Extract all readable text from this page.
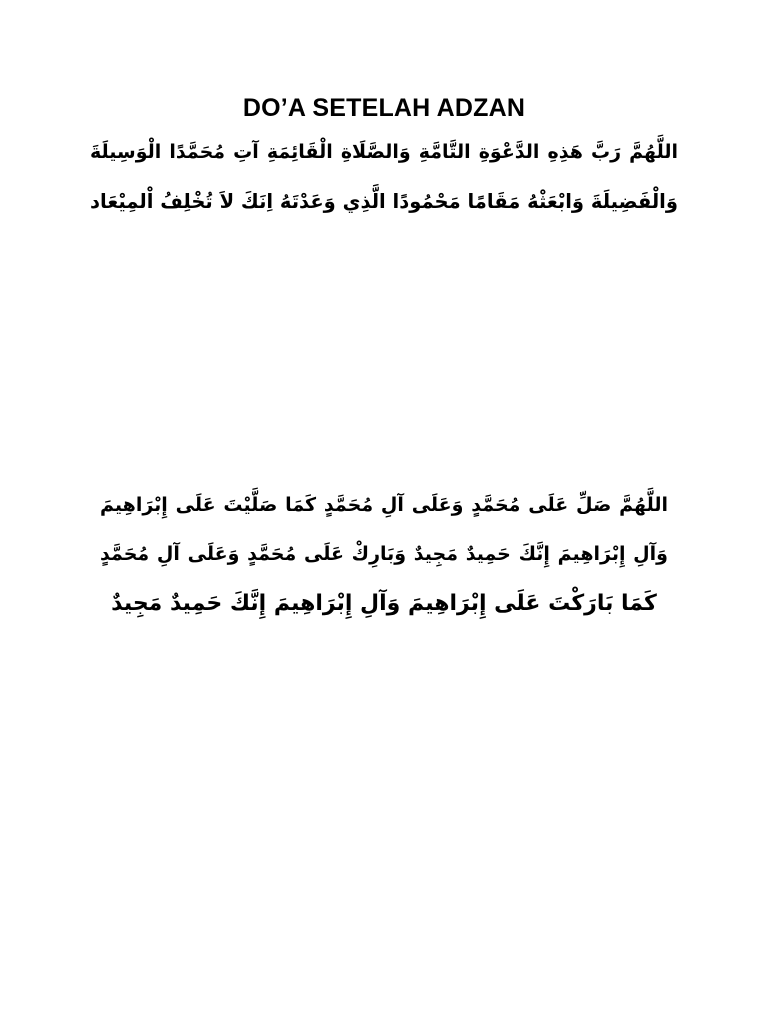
DO’A SETELAH ADZAN
اللَّهُمَّ رَبَّ هَذِهِ الدَّعْوَةِ التَّامَّةِ وَالصَّلَاةِ الْقَائِمَةِ آتِ مُحَمَّدًا الْوَسِيلَةَ
وَالْفَضِيلَةَ وَابْعَثْهُ مَقَامًا مَحْمُودًا الَّذِي وَعَدْتَهُ اِنَكَ لاَ تُخْلِفُ اْلمِيْعَاد
اللَّهُمَّ صَلِّ عَلَى مُحَمَّدٍ وَعَلَى آلِ مُحَمَّدٍ كَمَا صَلَّيْتَ عَلَى إِبْرَاهِيمَ
وَآلِ إِبْرَاهِيمَ إِنَّكَ حَمِيدٌ مَجِيدٌ وَبَارِكْ عَلَى مُحَمَّدٍ وَعَلَى آلِ مُحَمَّدٍ
كَمَا بَارَكْتَ عَلَى إِبْرَاهِيمَ وَآلِ إِبْرَاهِيمَ إِنَّكَ حَمِيدٌ مَجِيدٌ
